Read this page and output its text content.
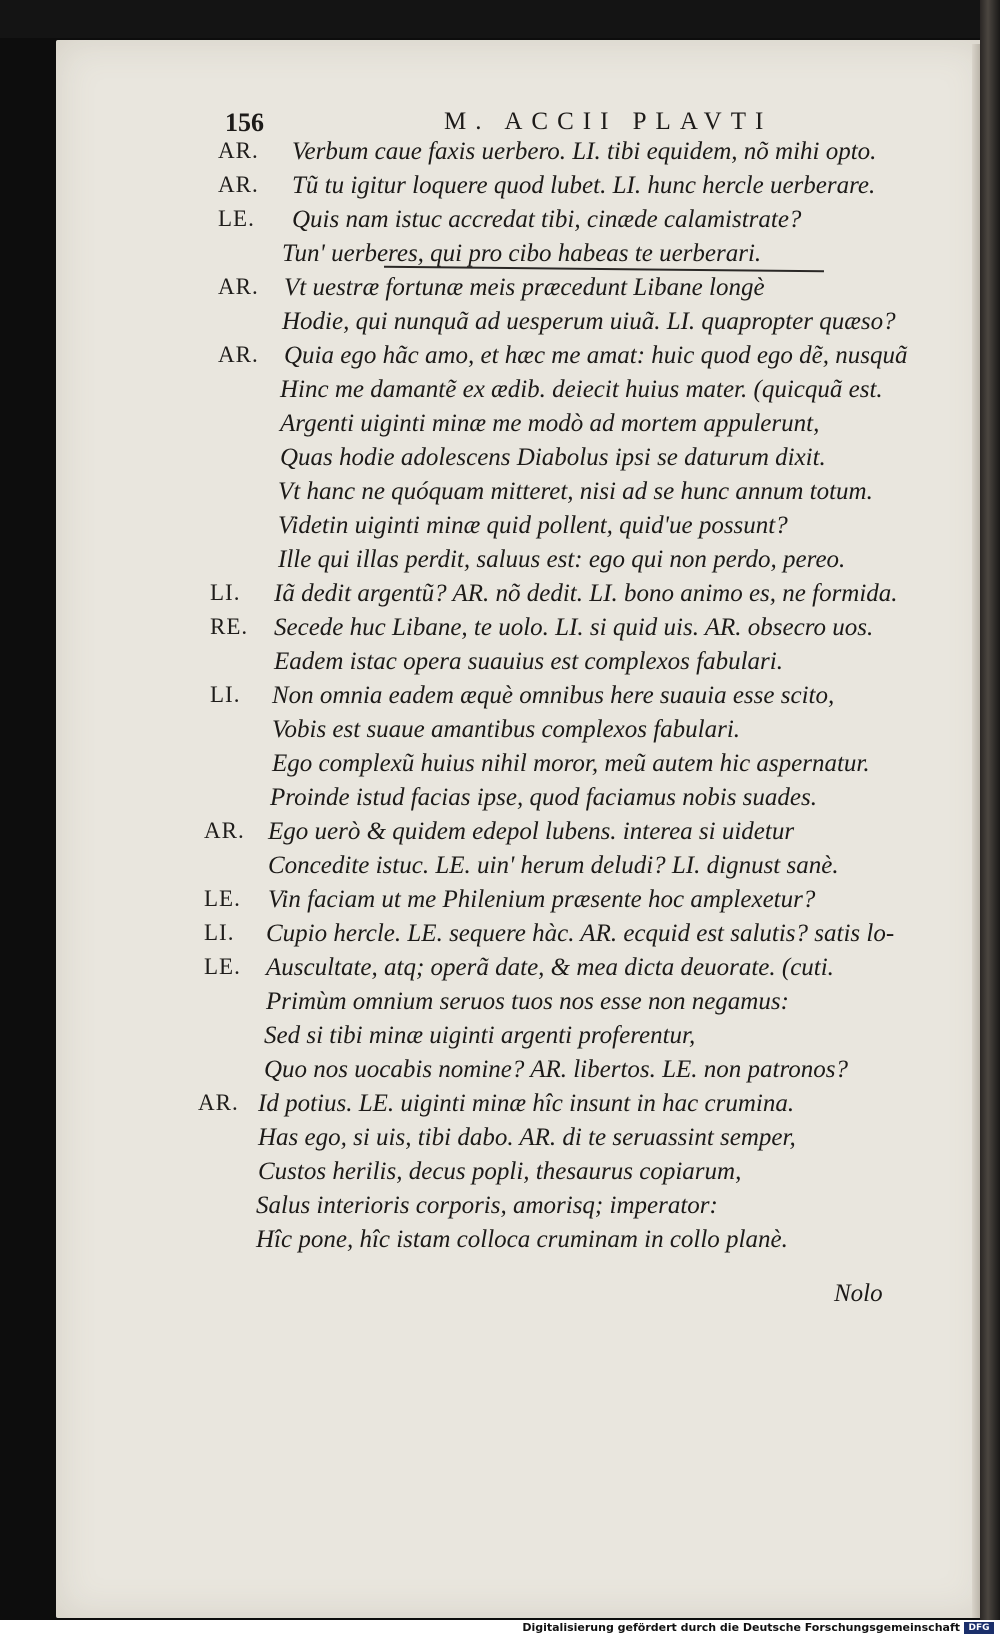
156	M. ACCII PLAVTI
AR. Verbum caue faxis uerbero. LI. tibi equidem, nõ mihi opto.
AR. Tũ tu igitur loquere quod lubet. LI. hunc hercle uerberare.
LE. Quis nam istuc accredat tibi, cinæde calamistrate?
Tun' uerberes, qui pro cibo habeas te uerberari.
AR. Vt uestræ fortunæ meis præcedunt Libane longè
Hodie, qui nunquã ad uesperum uiuã. LI. quapropter quæso?
AR. Quia ego hãc amo, et hæc me amat: huic quod ego dẽ, nusquã
Hinc me damantẽ ex ædib. deiecit huius mater. (quicquã est.
Argenti uiginti minæ me modò ad mortem appulerunt,
Quas hodie adolescens Diabolus ipsi se daturum dixit.
Vt hanc ne quóquam mitteret, nisi ad se hunc annum totum.
Videtin uiginti minæ quid pollent, quid'ue possunt?
Ille qui illas perdit, saluus est: ego qui non perdo, pereo.
LI. Iã dedit argentũ? AR. nõ dedit. LI. bono animo es, ne formida.
RE. Secede huc Libane, te uolo. LI. si quid uis. AR. obsecro uos.
Eadem istac opera suauius est complexos fabulari.
LI. Non omnia eadem æquè omnibus here suauia esse scito,
Vobis est suaue amantibus complexos fabulari.
Ego complexũ huius nihil moror, meũ autem hic aspernatur.
Proinde istud facias ipse, quod faciamus nobis suades.
AR. Ego uerò & quidem edepol lubens. interea si uidetur
Concedite istuc. LE. uin' herum deludi? LI. dignust sanè.
LE. Vin faciam ut me Philenium præsente hoc amplexetur?
LI. Cupio hercle. LE. sequere hàc. AR. ecquid est salutis? satis lo-
LE. Auscultate, atq; operã date, & mea dicta deuorate. (cuti.
Primùm omnium seruos tuos nos esse non negamus:
Sed si tibi minæ uiginti argenti proferentur,
Quo nos uocabis nomine? AR. libertos. LE. non patronos?
AR. Id potius. LE. uiginti minæ hîc insunt in hac crumina.
Has ego, si uis, tibi dabo. AR. di te seruassint semper,
Custos herilis, decus popli, thesaurus copiarum,
Salus interioris corporis, amorisq; imperator:
Hîc pone, hîc istam colloca cruminam in collo planè.
Nolo
Digitalisierung gefördert durch die Deutsche Forschungsgemeinschaft DFG
